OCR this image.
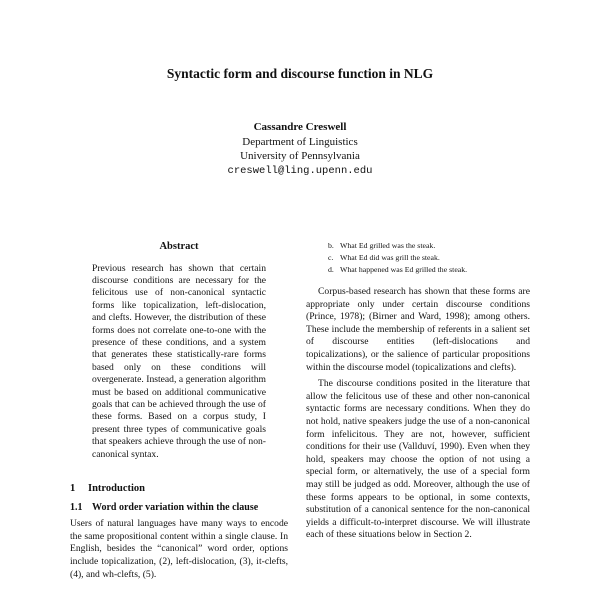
Syntactic form and discourse function in NLG
Cassandre Creswell
Department of Linguistics
University of Pennsylvania
creswell@ling.upenn.edu
Abstract

Previous research has shown that certain discourse conditions are necessary for the felicitous use of non-canonical syntactic forms like topicalization, left-dislocation, and clefts. However, the distribution of these forms does not correlate one-to-one with the presence of these conditions, and a system that generates these statistically-rare forms based only on these conditions will overgenerate. Instead, a generation algorithm must be based on additional communicative goals that can be achieved through the use of these forms. Based on a corpus study, I present three types of communicative goals that speakers achieve through the use of non-canonical syntax.

1 Introduction
1.1 Word order variation within the clause

Users of natural languages have many ways to encode the same propositional content within a single clause. In English, besides the “canonical” word order, options include topicalization, (2), left-dislocation, (3), it-clefts, (4), and wh-clefts, (5).

b. What Ed grilled was the steak.
c. What Ed did was grill the steak.
d. What happened was Ed grilled the steak.

Corpus-based research has shown that these forms are appropriate only under certain discourse conditions (Prince, 1978); (Birner and Ward, 1998); among others. These include the membership of referents in a salient set of discourse entities (left-dislocations and topicalizations), or the salience of particular propositions within the discourse model (topicalizations and clefts).

The discourse conditions posited in the literature that allow the felicitous use of these and other non-canonical syntactic forms are necessary conditions. When they do not hold, native speakers judge the use of a non-canonical form infelicitous. They are not, however, sufficient conditions for their use (Vallduví, 1990). Even when they hold, speakers may choose the option of not using a special form, or alternatively, the use of a special form may still be judged as odd. Moreover, although the use of these forms appears to be optional, in some contexts, substitution of a canonical sentence for the non-canonical yields a difficult-to-interpret discourse. We will illustrate each of these situations below in Section 2.
